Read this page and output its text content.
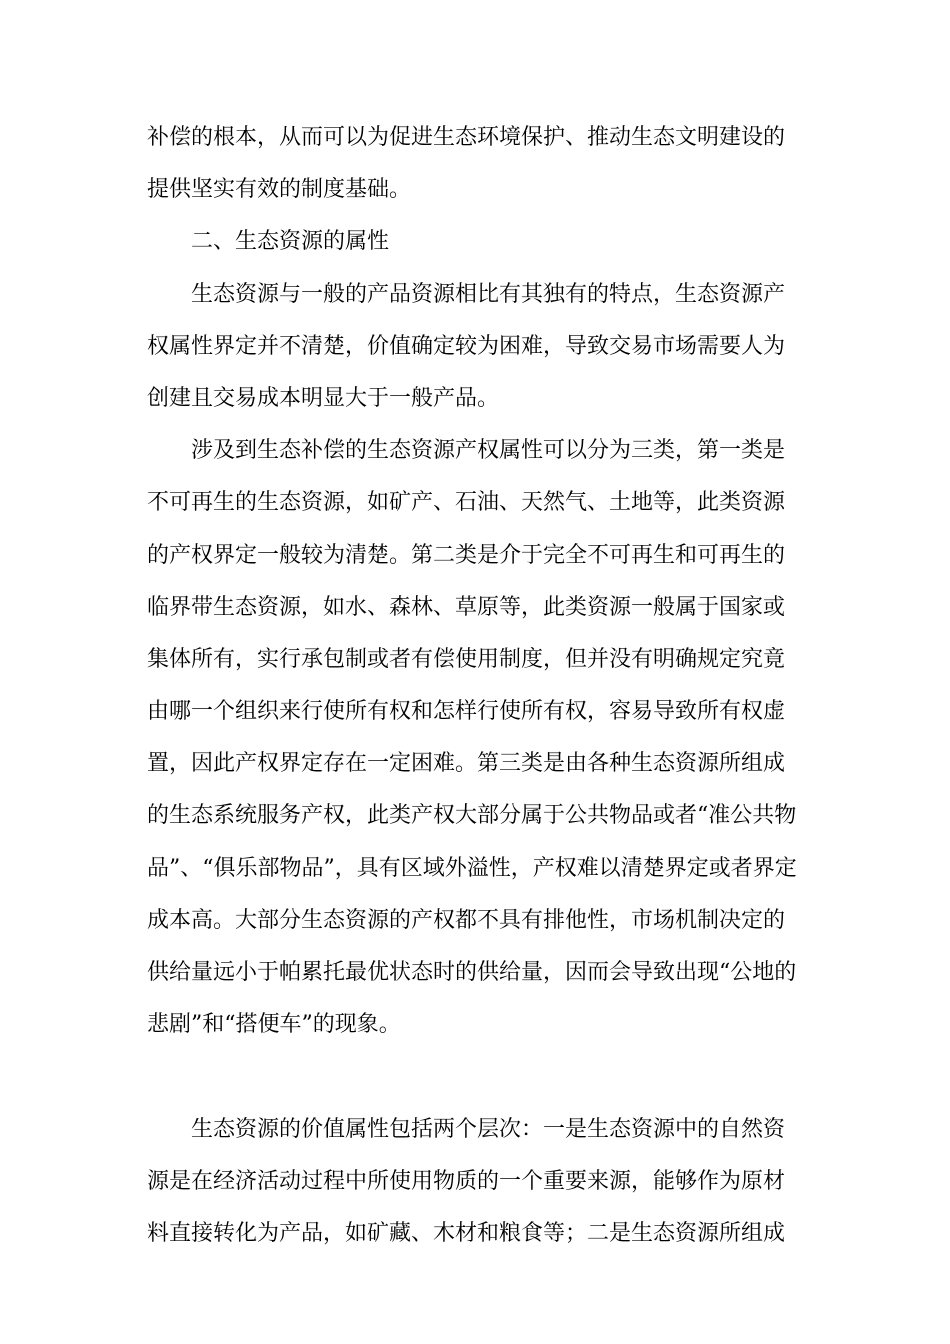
补偿的根本，从而可以为促进生态环境保护、推动生态文明建设的
提供坚实有效的制度基础。
二、生态资源的属性
生态资源与一般的产品资源相比有其独有的特点，生态资源产
权属性界定并不清楚，价值确定较为困难，导致交易市场需要人为
创建且交易成本明显大于一般产品。
涉及到生态补偿的生态资源产权属性可以分为三类，第一类是
不可再生的生态资源，如矿产、石油、天然气、土地等，此类资源
的产权界定一般较为清楚。第二类是介于完全不可再生和可再生的
临界带生态资源，如水、森林、草原等，此类资源一般属于国家或
集体所有，实行承包制或者有偿使用制度，但并没有明确规定究竟
由哪一个组织来行使所有权和怎样行使所有权，容易导致所有权虚
置，因此产权界定存在一定困难。第三类是由各种生态资源所组成
的生态系统服务产权，此类产权大部分属于公共物品或者“准公共物
品”、“俱乐部物品”，具有区域外溢性，产权难以清楚界定或者界定
成本高。大部分生态资源的产权都不具有排他性，市场机制决定的
供给量远小于帕累托最优状态时的供给量，因而会导致出现“公地的
悲剧”和“搭便车”的现象。
生态资源的价值属性包括两个层次：一是生态资源中的自然资
源是在经济活动过程中所使用物质的一个重要来源，能够作为原材
料直接转化为产品，如矿藏、木材和粮食等；二是生态资源所组成
